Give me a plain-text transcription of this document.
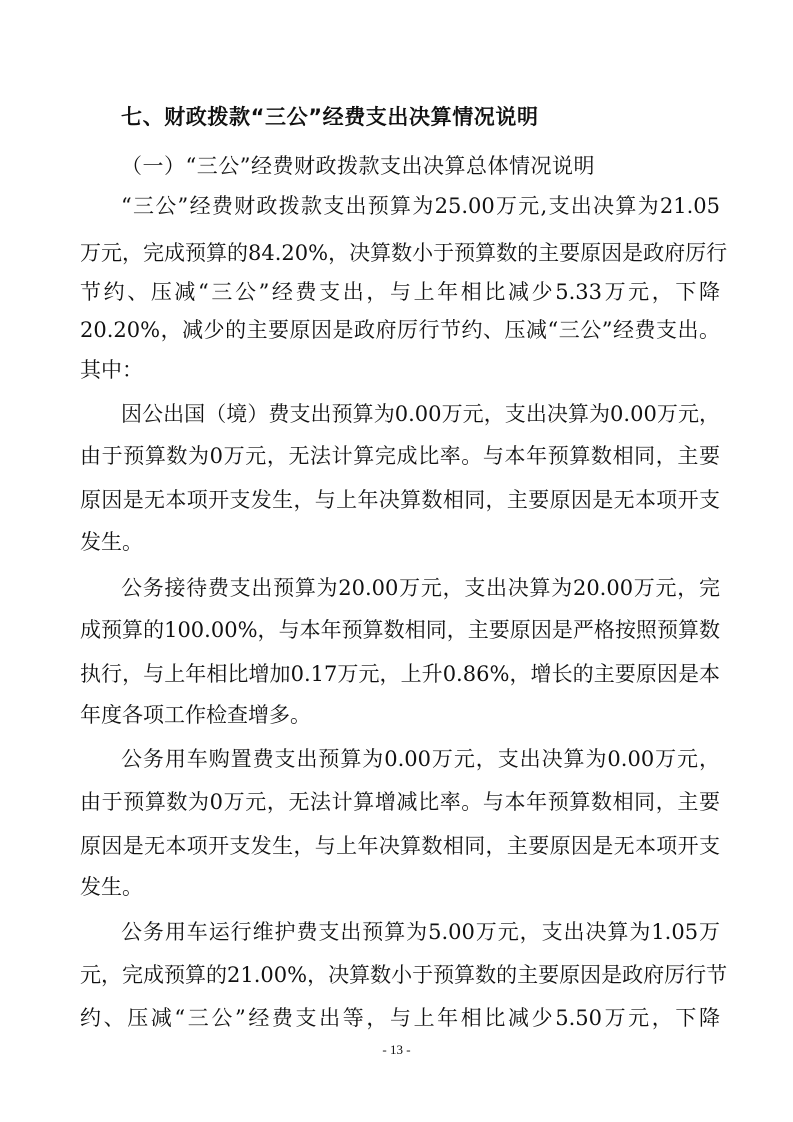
七、财政拨款“三公”经费支出决算情况说明
（一）“三公”经费财政拨款支出决算总体情况说明
“三公”经费财政拨款支出预算为25.00万元,支出决算为21.05
万元，完成预算的84.20%，决算数小于预算数的主要原因是政府厉行
节约、压减“三公”经费支出，与上年相比减少5.33万元，下降
20.20%，减少的主要原因是政府厉行节约、压减“三公”经费支出。
其中：
因公出国（境）费支出预算为0.00万元，支出决算为0.00万元，
由于预算数为0万元，无法计算完成比率。与本年预算数相同，主要
原因是无本项开支发生，与上年决算数相同，主要原因是无本项开支
发生。
公务接待费支出预算为20.00万元，支出决算为20.00万元，完
成预算的100.00%，与本年预算数相同，主要原因是严格按照预算数
执行，与上年相比增加0.17万元，上升0.86%，增长的主要原因是本
年度各项工作检查增多。
公务用车购置费支出预算为0.00万元，支出决算为0.00万元，
由于预算数为0万元，无法计算增减比率。与本年预算数相同，主要
原因是无本项开支发生，与上年决算数相同，主要原因是无本项开支
发生。
公务用车运行维护费支出预算为5.00万元，支出决算为1.05万
元，完成预算的21.00%，决算数小于预算数的主要原因是政府厉行节
约、压减“三公”经费支出等，与上年相比减少5.50万元，下降
- 13 -
